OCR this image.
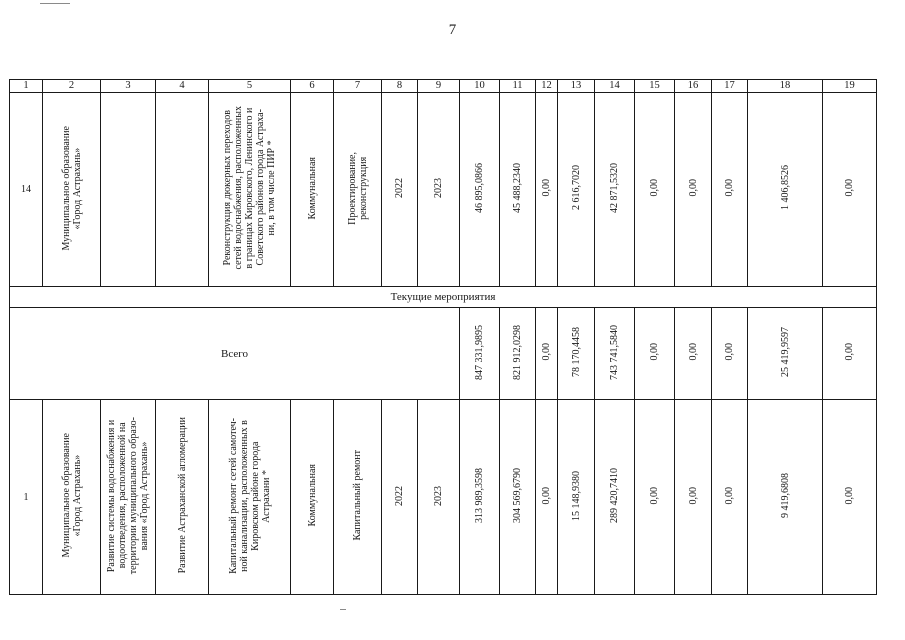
7
1	2	3	4	5	6	7	8	9	10	11	12	13	14	15	16	17	18	19
14	Муниципальное образование
«Город Астрахань»			Реконструкция дюкерных переходов
сетей водоснабжения, расположенных
в границах Кировского, Ленинского и
Советского районов города Астраха-
ни, в том числе ПИР *	Коммунальная	Проектирование,
реконструкция	2022	2023	46 895,0866	45 488,2340	0,00	2 616,7020	42 871,5320	0,00	0,00	0,00	1 406,8526	0,00
Текущие мероприятия																		
Всего									847 331,9895	821 912,0298	0,00	78 170,4458	743 741,5840	0,00	0,00	0,00	25 419,9597	0,00
1	Муниципальное образование
«Город Астрахань»	Развитие системы водоснабжения и
водоотведения, расположенной на
территории муниципального образо-
вания «Город Астрахань»	Развитие Астраханской агломерации	Капитальный ремонт сетей самотеч-
ной канализации, расположенных в
Кировском районе города
Астрахани *	Коммунальная	Капитальный ремонт	2022	2023	313 989,3598	304 569,6790	0,00	15 148,9380	289 420,7410	0,00	0,00	0,00	9 419,6808	0,00
